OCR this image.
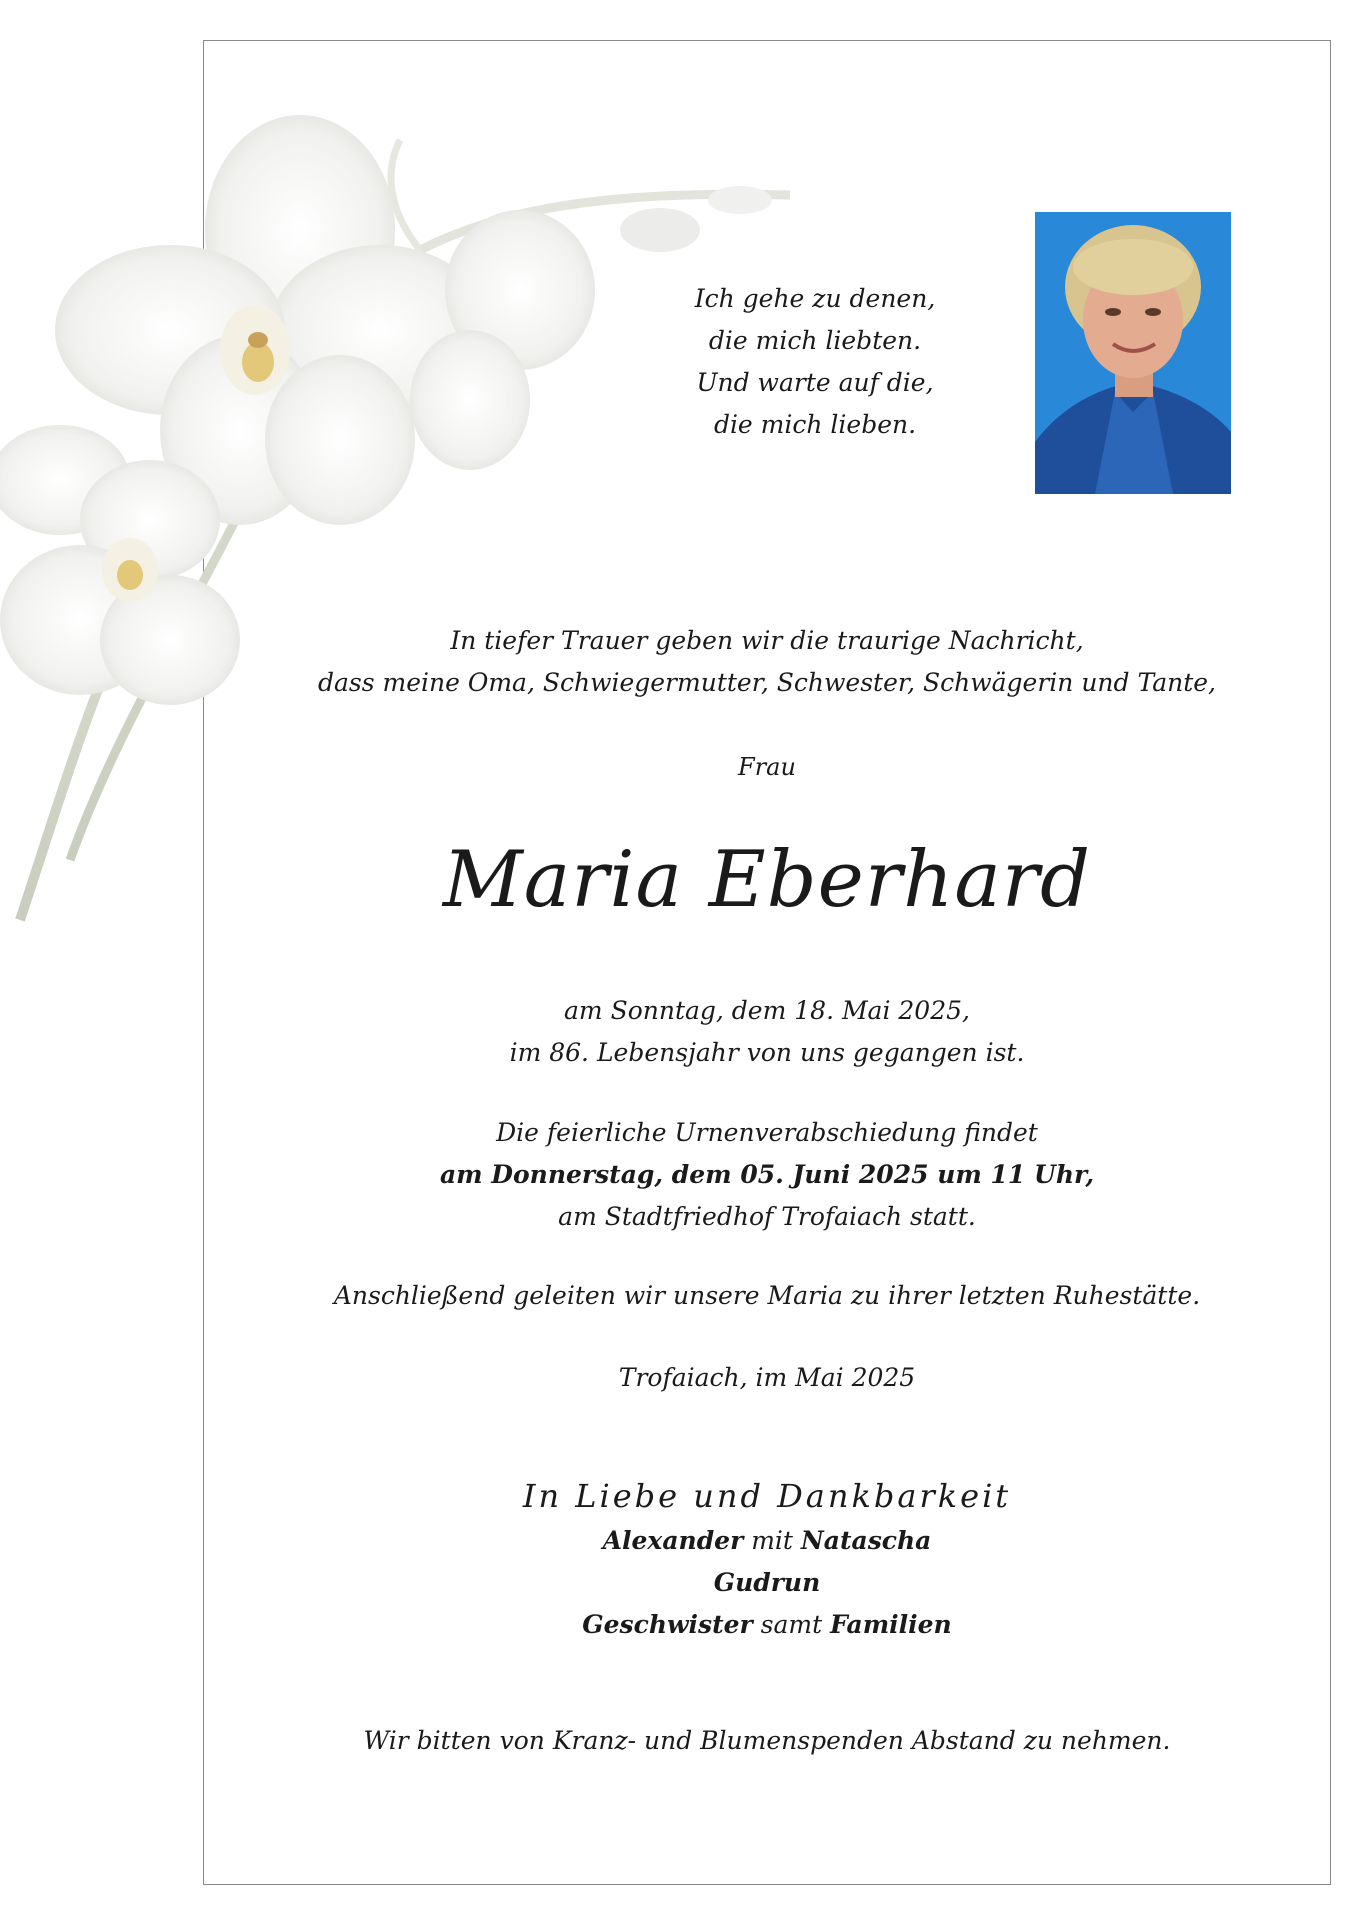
Ich gehe zu denen,
die mich liebten.
Und warte auf die,
die mich lieben.
In tiefer Trauer geben wir die traurige Nachricht,
dass meine Oma, Schwiegermutter, Schwester, Schwägerin und Tante,
Frau
Maria Eberhard
am Sonntag, dem 18. Mai 2025,
im 86. Lebensjahr von uns gegangen ist.
Die feierliche Urnenverabschiedung findet
am Donnerstag, dem 05. Juni 2025 um 11 Uhr,
am Stadtfriedhof Trofaiach statt.
Anschließend geleiten wir unsere Maria zu ihrer letzten Ruhestätte.
Trofaiach, im Mai 2025
In Liebe und Dankbarkeit
Alexander mit Natascha
Gudrun
Geschwister samt Familien
Wir bitten von Kranz- und Blumenspenden Abstand zu nehmen.
